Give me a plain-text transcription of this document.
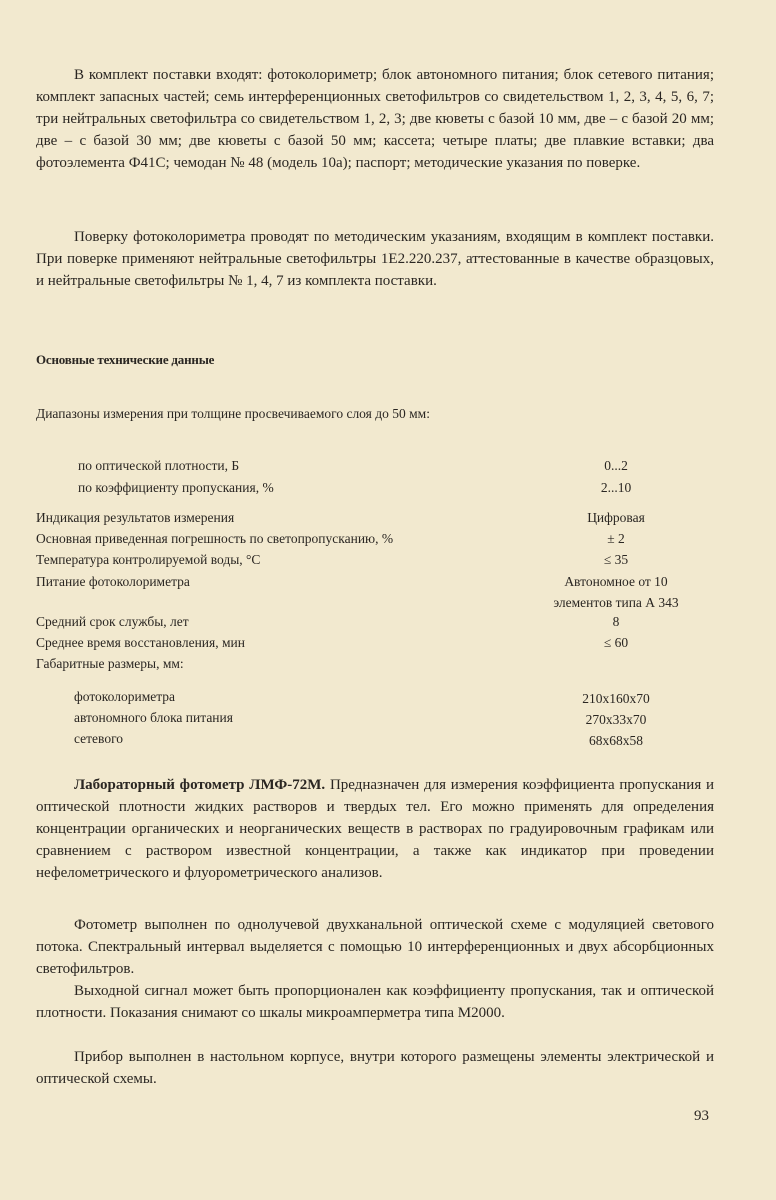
В комплект поставки входят: фотоколориметр; блок автономного питания; блок сетевого питания; комплект запасных частей; семь интерференционных светофильтров со свидетельством 1, 2, 3, 4, 5, 6, 7; три нейтральных светофильтра со свидетельством 1, 2, 3; две кюветы с базой 10 мм, две – с базой 20 мм; две – с базой 30 мм; две кюветы с базой 50 мм; кассета; четыре платы; две плавкие вставки; два фотоэлемента Ф41С; чемодан № 48 (модель 10а); паспорт; методические указания по поверке.

Поверку фотоколориметра проводят по методическим указаниям, входящим в комплект поставки. При поверке применяют нейтральные светофильтры 1Е2.220.237, аттестованные в качестве образцовых, и нейтральные светофильтры № 1, 4, 7 из комплекта поставки.

Основные технические данные
Диапазоны измерения при толщине просвечиваемого слоя до 50 мм:
по оптической плотности, Б	0...2
по коэффициенту пропускания, %	2...10
Индикация результатов измерения	Цифровая
Основная приведенная погрешность по светопропусканию, %	± 2
Температура контролируемой воды, °С	≤ 35
Питание фотоколориметра	Автономное от 10
элементов типа А 343
Средний срок службы, лет	8
Среднее время восстановления, мин	≤ 60
Габаритные размеры, мм:
фотоколориметра	210x160x70
автономного блока питания	270x33x70
сетевого	68x68x58

Лабораторный фотометр ЛМФ-72М. Предназначен для измерения коэффициента пропускания и оптической плотности жидких растворов и твердых тел. Его можно применять для определения концентрации органических и неорганических веществ в растворах по градуировочным графикам или сравнением с раствором известной концентрации, а также как индикатор при проведении нефелометрического и флуорометрического анализов.

Фотометр выполнен по однолучевой двухканальной оптической схеме с модуляцией светового потока. Спектральный интервал выделяется с помощью 10 интерференционных и двух абсорбционных светофильтров.

Выходной сигнал может быть пропорционален как коэффициенту пропускания, так и оптической плотности. Показания снимают со шкалы микроамперметра типа М2000.

Прибор выполнен в настольном корпусе, внутри которого размещены элементы электрической и оптической схемы.

93
